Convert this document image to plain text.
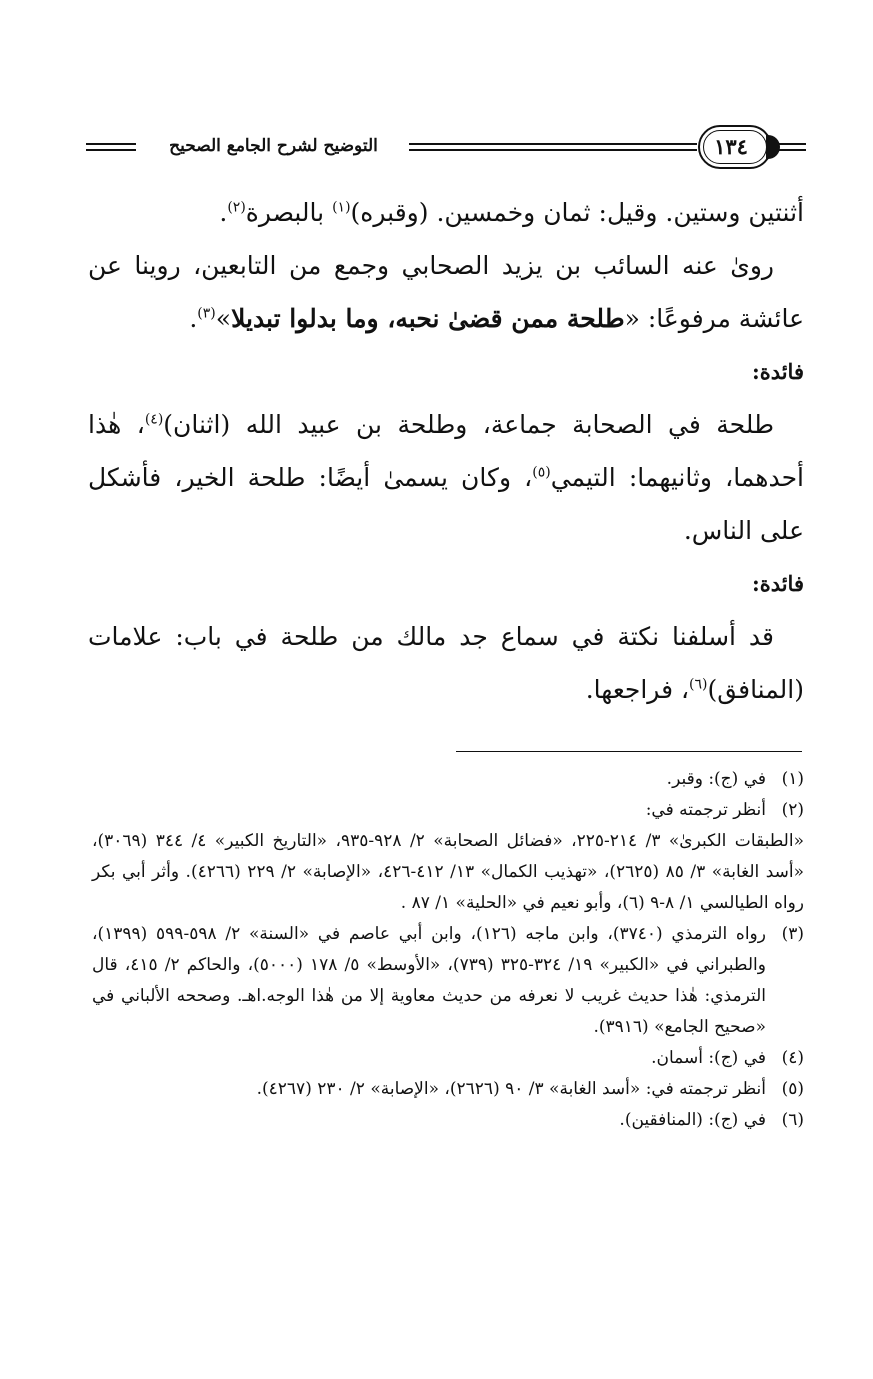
التوضيح لشرح الجامع الصحيح	١٣٤

أثنتين وستين. وقيل: ثمان وخمسين. (وقبره)$^{(١)}$ بالبصرة$^{(٢)}$.

روىٰ عنه السائب بن يزيد الصحابي وجمع من التابعين، روينا عن عائشة مرفوعًا: «طلحة ممن قضىٰ نحبه، وما بدلوا تبديلا»$^{(٣)}$.

فائدة:

طلحة في الصحابة جماعة، وطلحة بن عبيد الله (اثنان)$^{(٤)}$، هٰذا أحدهما، وثانيهما: التيمي$^{(٥)}$، وكان يسمىٰ أيضًا: طلحة الخير، فأشكل على الناس.

فائدة:

قد أسلفنا نكتة في سماع جد مالك من طلحة في باب: علامات (المنافق)$^{(٦)}$، فراجعها.

(١)
في (ج): وقبر.
(٢)
أنظر ترجمته في:
«الطبقات الكبرىٰ» ٣/ ٢١٤-٢٢٥، «فضائل الصحابة» ٢/ ٩٢٨-٩٣٥، «التاريخ الكبير» ٤/ ٣٤٤ (٣٠٦٩)، «أسد الغابة» ٣/ ٨٥ (٢٦٢٥)، «تهذيب الكمال» ١٣/ ٤١٢-٤٢٦، «الإصابة» ٢/ ٢٢٩ (٤٢٦٦). وأثر أبي بكر رواه الطيالسي ١/ ٨-٩ (٦)، وأبو نعيم في «الحلية» ١/ ٨٧ .
(٣)
رواه الترمذي (٣٧٤٠)، وابن ماجه (١٢٦)، وابن أبي عاصم في «السنة» ٢/ ٥٩٨-٥٩٩ (١٣٩٩)، والطبراني في «الكبير» ١٩/ ٣٢٤-٣٢٥ (٧٣٩)، «الأوسط» ٥/ ١٧٨ (٥٠٠٠)، والحاكم ٢/ ٤١٥، قال الترمذي: هٰذا حديث غريب لا نعرفه من حديث معاوية إلا من هٰذا الوجه.اهـ. وصححه الألباني في «صحيح الجامع» (٣٩١٦).
(٤)
في (ج): أسمان.
(٥)
أنظر ترجمته في: «أسد الغابة» ٣/ ٩٠ (٢٦٢٦)، «الإصابة» ٢/ ٢٣٠ (٤٢٦٧).
(٦)
في (ج): (المنافقين).
